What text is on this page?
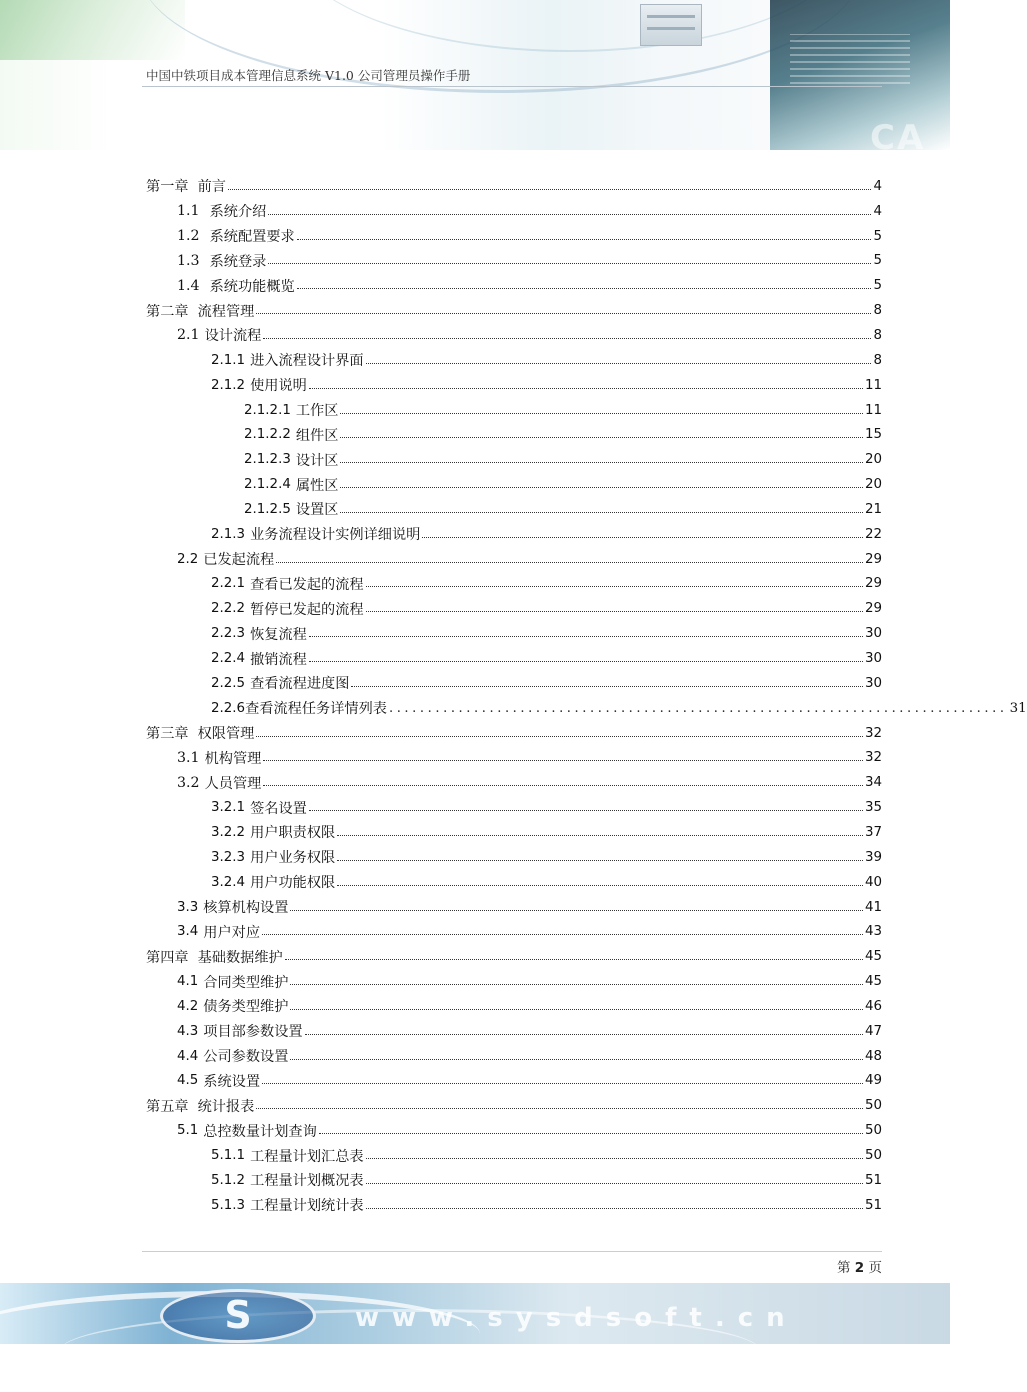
CA
中国中铁项目成本管理信息系统 V1.0 公司管理员操作手册
第一章 前言	4
1.1 系统介绍	4
1.2 系统配置要求	5
1.3 系统登录	5
1.4 系统功能概览	5
第二章 流程管理	8
2.1 设计流程	8
2.1.1 进入流程设计界面	8
2.1.2 使用说明	11
2.1.2.1 工作区	11
2.1.2.2 组件区	15
2.1.2.3 设计区	20
2.1.2.4 属性区	20
2.1.2.5 设置区	21
2.1.3 业务流程设计实例详细说明	22
2.2 已发起流程	29
2.2.1 查看已发起的流程	29
2.2.2 暂停已发起的流程	29
2.2.3 恢复流程	30
2.2.4 撤销流程	30
2.2.5 查看流程进度图	30
2.2.6 查看流程任务详情列表 ................................................................................ 31
第三章 权限管理	32
3.1 机构管理	32
3.2 人员管理	34
3.2.1 签名设置	35
3.2.2 用户职责权限	37
3.2.3 用户业务权限	39
3.2.4 用户功能权限	40
3.3 核算机构设置	41
3.4 用户对应	43
第四章 基础数据维护	45
4.1 合同类型维护	45
4.2 债务类型维护	46
4.3 项目部参数设置	47
4.4 公司参数设置	48
4.5 系统设置	49
第五章 统计报表	50
5.1 总控数量计划查询	50
5.1.1 工程量计划汇总表	50
5.1.2 工程量计划概况表	51
5.1.3 工程量计划统计表	51
第 2 页
S	www.sysdsoft.cn
